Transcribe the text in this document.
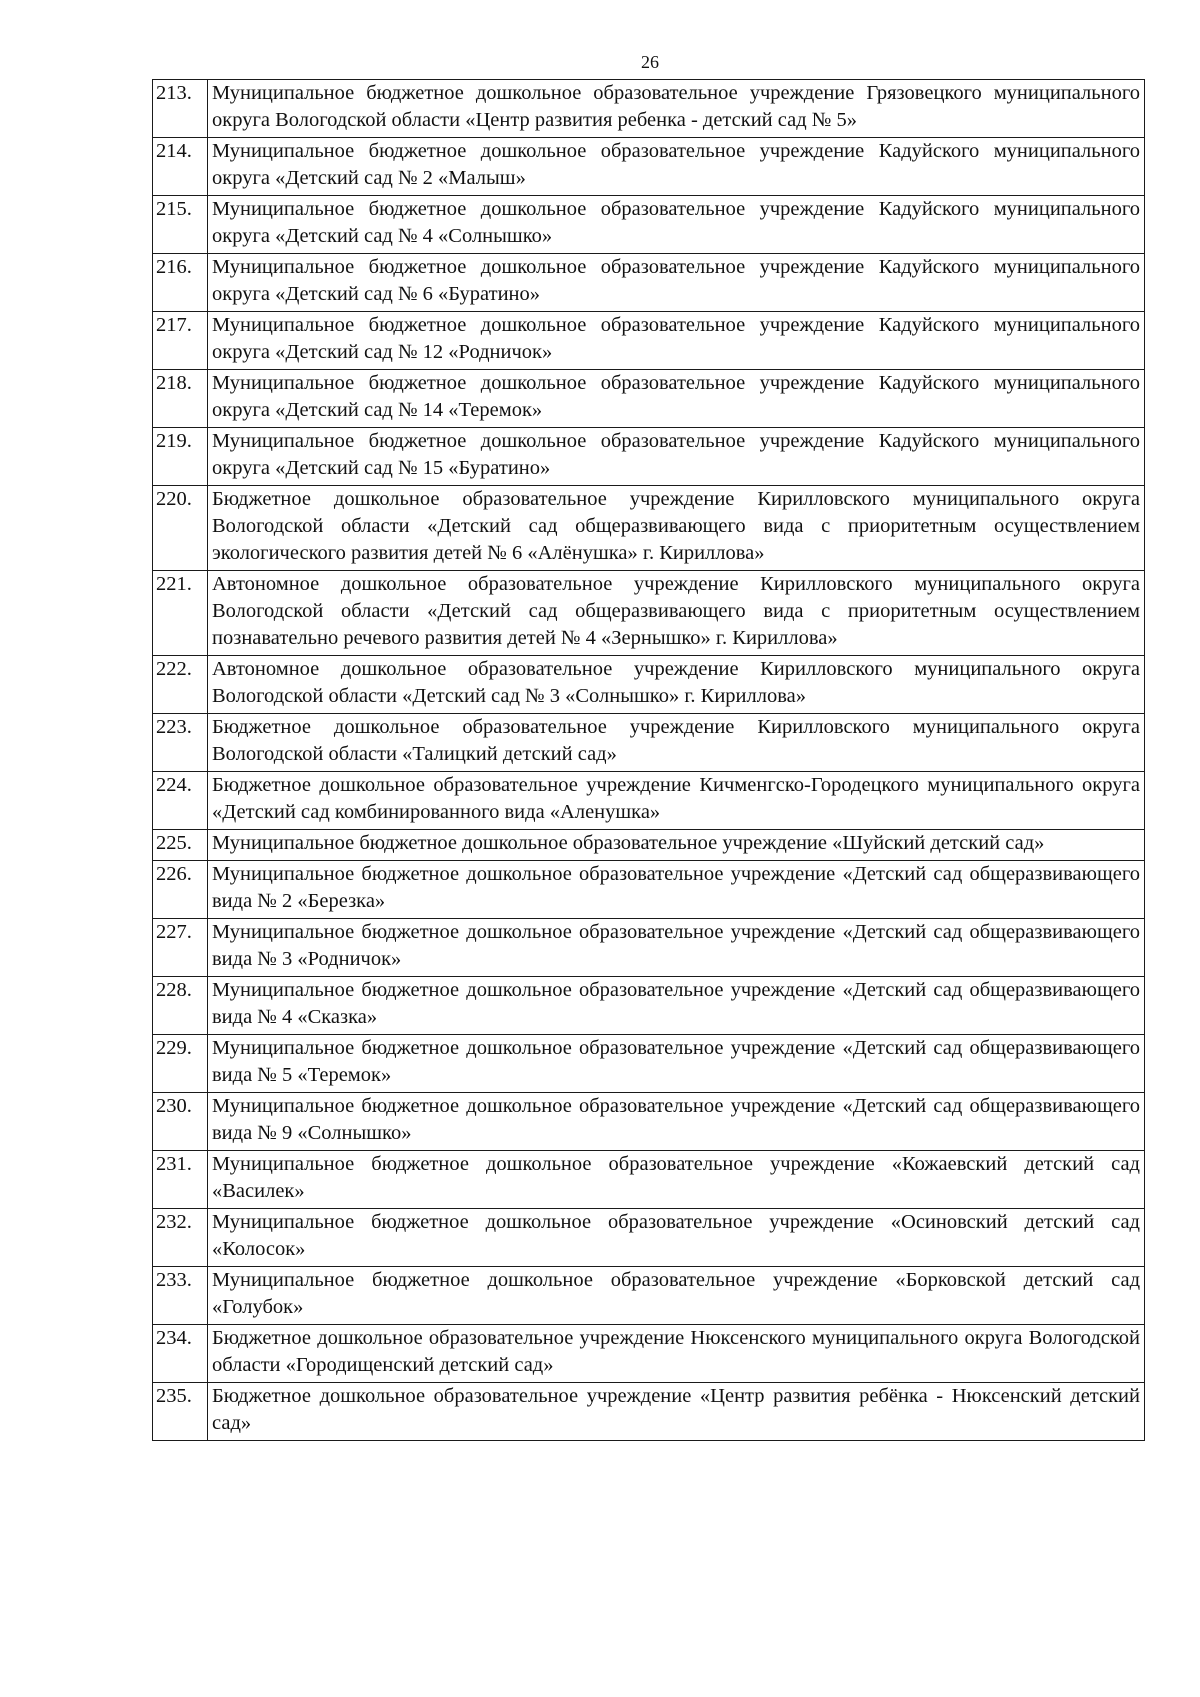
26
213.	Муниципальное бюджетное дошкольное образовательное учреждение Грязовецкого муниципального округа Вологодской области «Центр развития ребенка - детский сад № 5»
214.	Муниципальное бюджетное дошкольное образовательное учреждение Кадуйского муниципального округа «Детский сад № 2 «Малыш»
215.	Муниципальное бюджетное дошкольное образовательное учреждение Кадуйского муниципального округа «Детский сад № 4 «Солнышко»
216.	Муниципальное бюджетное дошкольное образовательное учреждение Кадуйского муниципального округа «Детский сад № 6 «Буратино»
217.	Муниципальное бюджетное дошкольное образовательное учреждение Кадуйского муниципального округа «Детский сад № 12 «Родничок»
218.	Муниципальное бюджетное дошкольное образовательное учреждение Кадуйского муниципального округа «Детский сад № 14 «Теремок»
219.	Муниципальное бюджетное дошкольное образовательное учреждение Кадуйского муниципального округа «Детский сад № 15 «Буратино»
220.	Бюджетное дошкольное образовательное учреждение Кирилловского муниципального округа Вологодской области «Детский сад общеразвивающего вида с приоритетным осуществлением экологического развития детей № 6 «Алёнушка» г. Кириллова»
221.	Автономное дошкольное образовательное учреждение Кирилловского муниципального округа Вологодской области «Детский сад общеразвивающего вида с приоритетным осуществлением познавательно речевого развития детей № 4 «Зернышко» г. Кириллова»
222.	Автономное дошкольное образовательное учреждение Кирилловского муниципального округа Вологодской области «Детский сад № 3 «Солнышко» г. Кириллова»
223.	Бюджетное дошкольное образовательное учреждение Кирилловского муниципального округа Вологодской области «Талицкий детский сад»
224.	Бюджетное дошкольное образовательное учреждение Кичменгско-Городецкого муниципального округа «Детский сад комбинированного вида «Аленушка»
225.	Муниципальное бюджетное дошкольное образовательное учреждение «Шуйский детский сад»
226.	Муниципальное бюджетное дошкольное образовательное учреждение «Детский сад общеразвивающего вида № 2 «Березка»
227.	Муниципальное бюджетное дошкольное образовательное учреждение «Детский сад общеразвивающего вида № 3 «Родничок»
228.	Муниципальное бюджетное дошкольное образовательное учреждение «Детский сад общеразвивающего вида № 4 «Сказка»
229.	Муниципальное бюджетное дошкольное образовательное учреждение «Детский сад общеразвивающего вида № 5 «Теремок»
230.	Муниципальное бюджетное дошкольное образовательное учреждение «Детский сад общеразвивающего вида № 9 «Солнышко»
231.	Муниципальное бюджетное дошкольное образовательное учреждение «Кожаевский детский сад «Василек»
232.	Муниципальное бюджетное дошкольное образовательное учреждение «Осиновский детский сад «Колосок»
233.	Муниципальное бюджетное дошкольное образовательное учреждение «Борковской детский сад «Голубок»
234.	Бюджетное дошкольное образовательное учреждение Нюксенского муниципального округа Вологодской области «Городищенский детский сад»
235.	Бюджетное дошкольное образовательное учреждение «Центр развития ребёнка - Нюксенский детский сад»
